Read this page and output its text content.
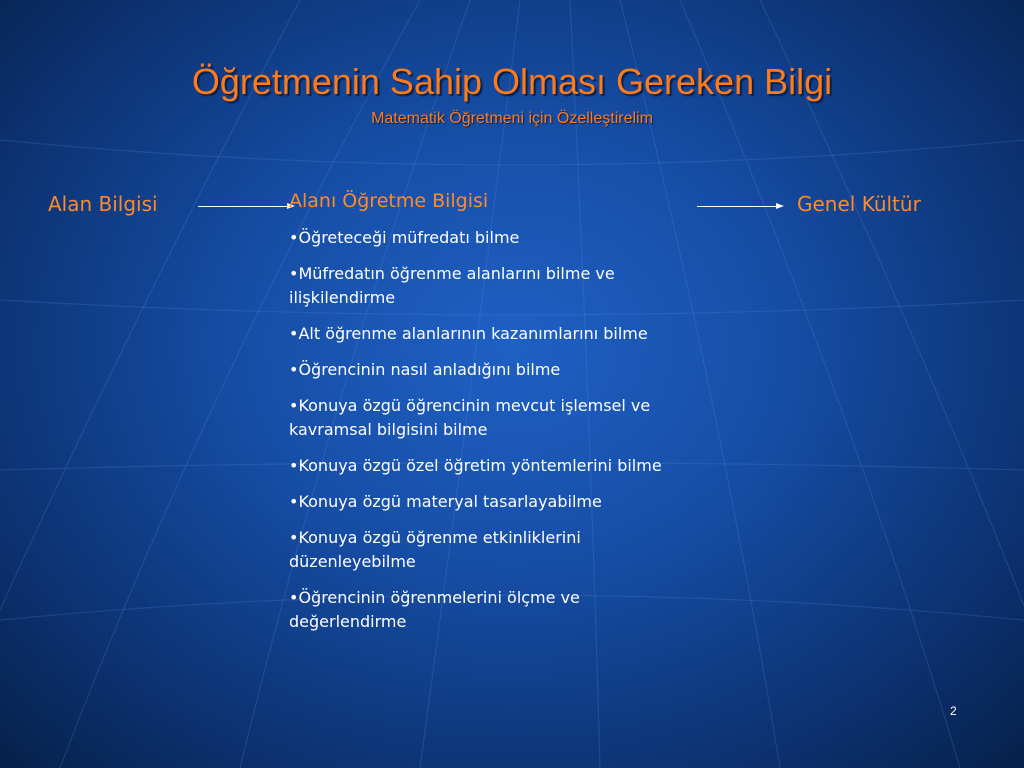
Öğretmenin Sahip Olması Gereken Bilgi
Matematik Öğretmeni için Özelleştirelim
Alan Bilgisi	Alanı Öğretme Bilgisi
•Öğreteceği müfredatı bilme
•Müfredatın öğrenme alanlarını bilme ve ilişkilendirme
•Alt öğrenme alanlarının kazanımlarını bilme
•Öğrencinin nasıl anladığını bilme
•Konuya özgü öğrencinin mevcut işlemsel ve kavramsal bilgisini bilme
•Konuya özgü özel öğretim yöntemlerini bilme
•Konuya özgü materyal tasarlayabilme
•Konuya özgü öğrenme etkinliklerini düzenleyebilme
•Öğrencinin öğrenmelerini ölçme ve değerlendirme
Genel Kültür
2
